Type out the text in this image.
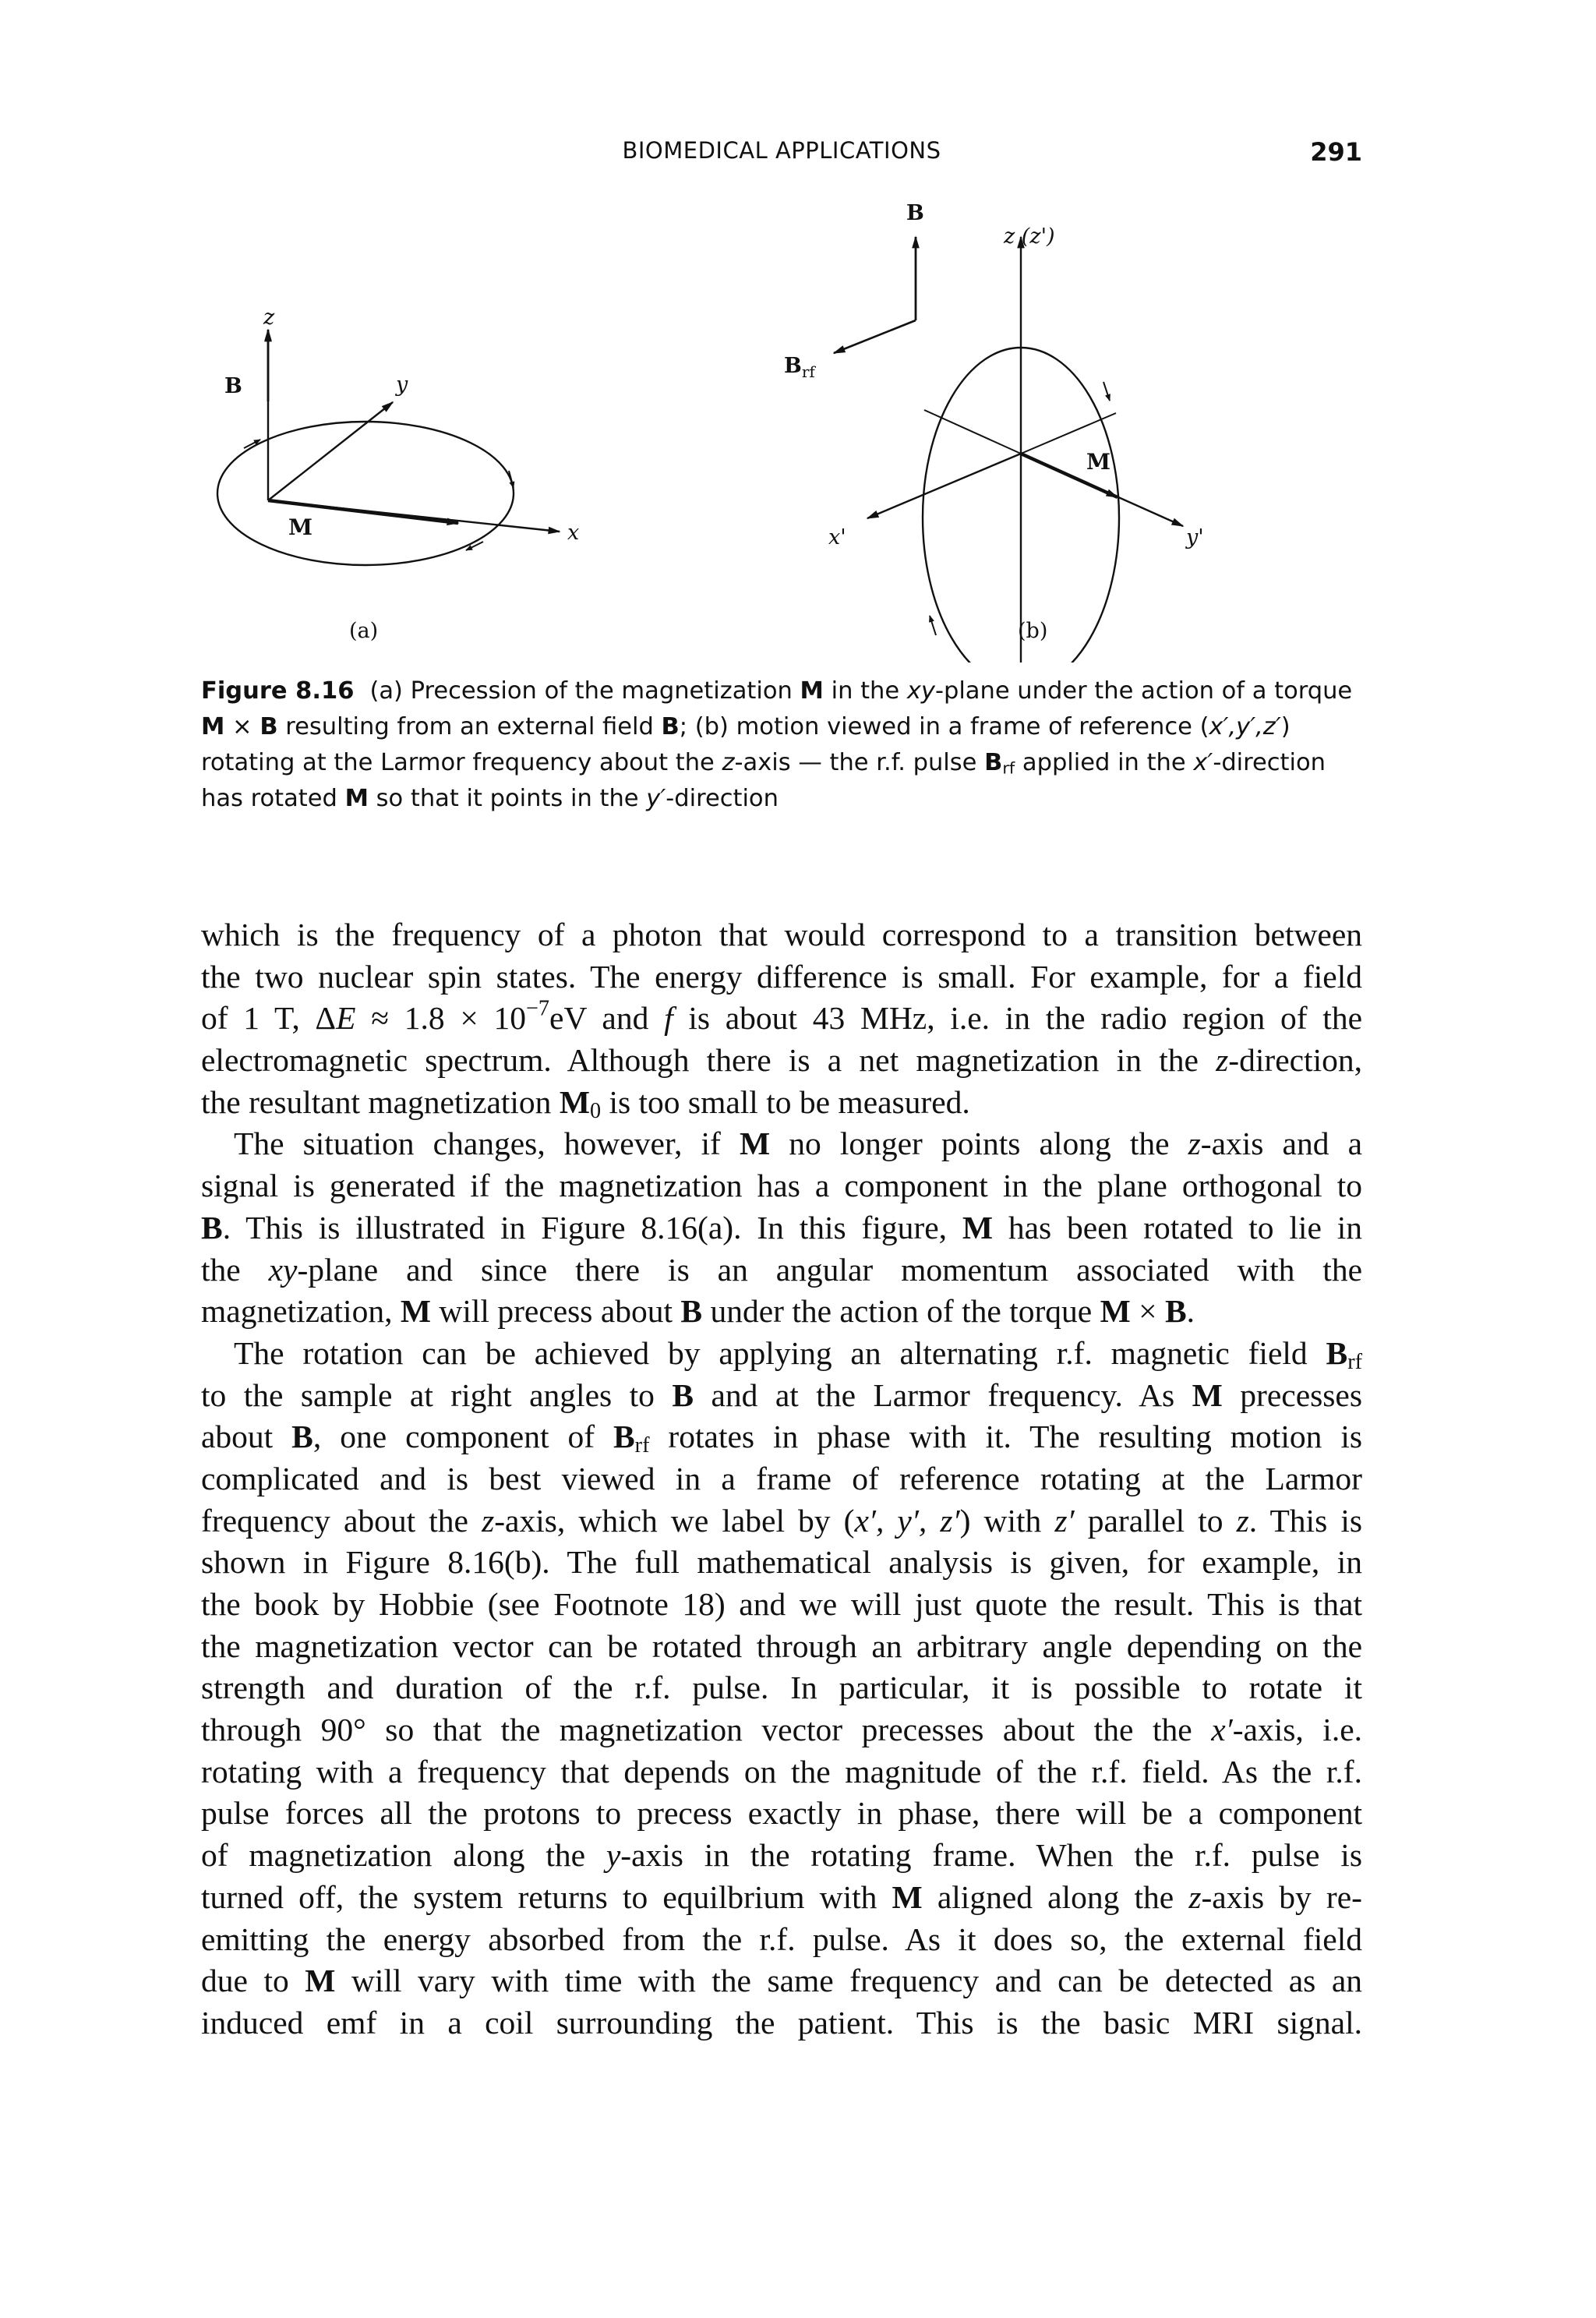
BIOMEDICAL APPLICATIONS	291
B
z
y
x
M
(a)
B
$B_{rf}$
z (z')
x'	y'
M
(b)
Figure 8.16 (a) Precession of the magnetization M in the xy-plane under the action of a torque
M × B resulting from an external field B; (b) motion viewed in a frame of reference (x′,y′,z′)
rotating at the Larmor frequency about the z-axis — the r.f. pulse $B_{rf}$ applied in the x′-direction
has rotated M so that it points in the y′-direction
which is the frequency of a photon that would correspond to a transition between
the two nuclear spin states. The energy difference is small. For example, for a field
of 1 T, $\Delta E \approx 1.8 \times 10^{-7}eV$ and f is about 43 MHz, i.e. in the radio region of the
electromagnetic spectrum. Although there is a net magnetization in the z-direction,
the resultant magnetization $M_0$ is too small to be measured.
The situation changes, however, if M no longer points along the z-axis and a
signal is generated if the magnetization has a component in the plane orthogonal to
B. This is illustrated in Figure 8.16(a). In this figure, M has been rotated to lie in
the xy-plane and since there is an angular momentum associated with the
magnetization, M will precess about B under the action of the torque M × B.
The rotation can be achieved by applying an alternating r.f. magnetic field $B_{rf}$
to the sample at right angles to B and at the Larmor frequency. As M precesses
about B, one component of $B_{rf}$ rotates in phase with it. The resulting motion is
complicated and is best viewed in a frame of reference rotating at the Larmor
frequency about the z-axis, which we label by (x′, y′, z′) with z′ parallel to z. This is
shown in Figure 8.16(b). The full mathematical analysis is given, for example, in
the book by Hobbie (see Footnote 18) and we will just quote the result. This is that
the magnetization vector can be rotated through an arbitrary angle depending on the
strength and duration of the r.f. pulse. In particular, it is possible to rotate it
through 90° so that the magnetization vector precesses about the the x′-axis, i.e.
rotating with a frequency that depends on the magnitude of the r.f. field. As the r.f.
pulse forces all the protons to precess exactly in phase, there will be a component
of magnetization along the y-axis in the rotating frame. When the r.f. pulse is
turned off, the system returns to equilbrium with M aligned along the z-axis by re-
emitting the energy absorbed from the r.f. pulse. As it does so, the external field
due to M will vary with time with the same frequency and can be detected as an
induced emf in a coil surrounding the patient. This is the basic MRI signal.
